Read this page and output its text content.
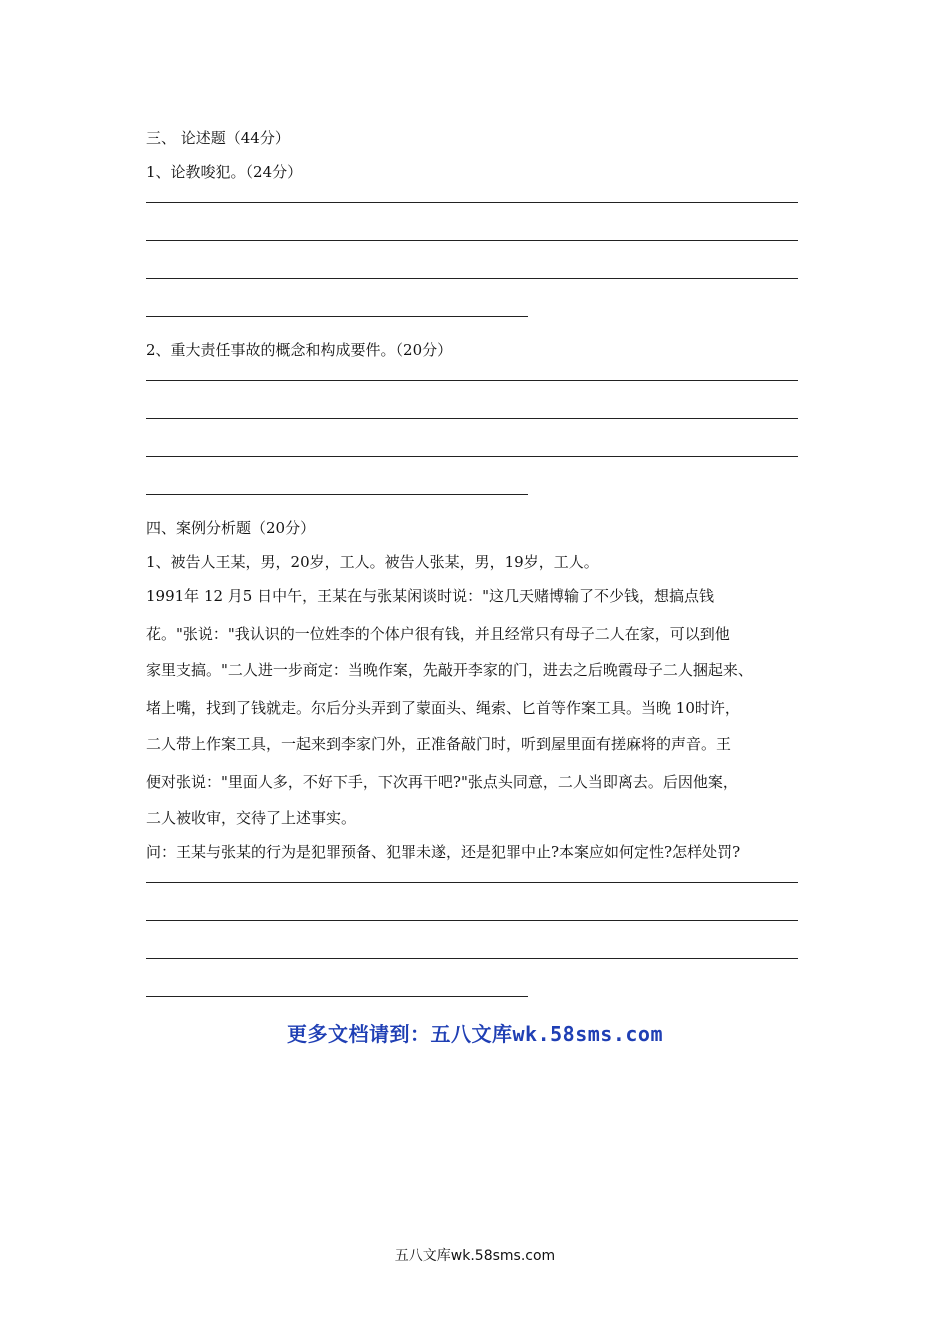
三、 论述题（44分）
1、论教唆犯。（24分）
2、重大责任事故的概念和构成要件。（20分）
四、案例分析题（20分）
1、被告人王某，男，20岁，工人。被告人张某，男，19岁，工人。
1991年 12 月5 日中午，王某在与张某闲谈时说："这几天赌博输了不少钱，想搞点钱
花。"张说："我认识的一位姓李的个体户很有钱，并且经常只有母子二人在家，可以到他
家里支搞。"二人进一步商定：当晚作案，先敲开李家的门，进去之后晚霞母子二人捆起来、
堵上嘴，找到了钱就走。尔后分头弄到了蒙面头、绳索、匕首等作案工具。当晚 10时许，
二人带上作案工具，一起来到李家门外，正准备敲门时，听到屋里面有搓麻将的声音。王
便对张说："里面人多，不好下手，下次再干吧?"张点头同意，二人当即离去。后因他案，
二人被收审，交待了上述事实。
问：王某与张某的行为是犯罪预备、犯罪未遂，还是犯罪中止?本案应如何定性?怎样处罚?
更多文档请到：五八文库wk.58sms.com
五八文库wk.58sms.com
